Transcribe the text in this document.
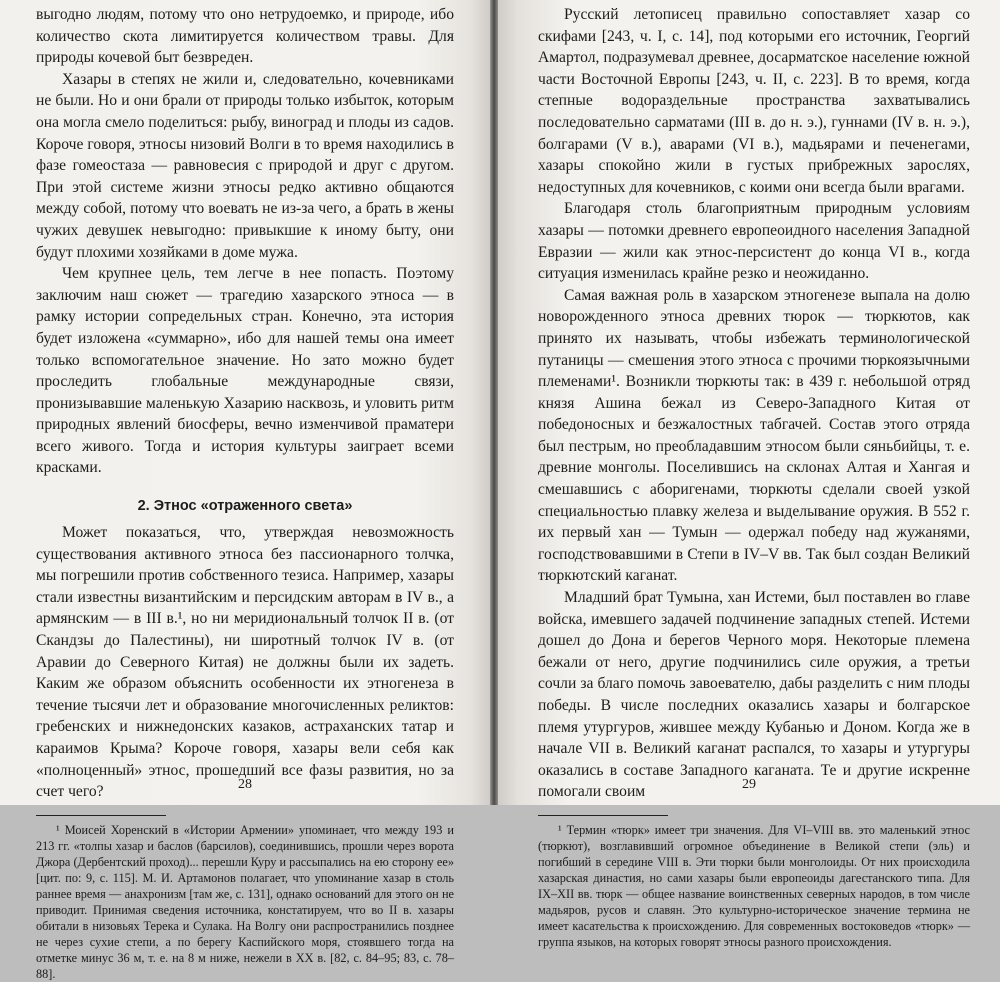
выгодно людям, потому что оно нетрудоемко, и природе, ибо количество скота лимитируется количеством травы. Для природы кочевой быт безвреден.

Хазары в степях не жили и, следовательно, кочевниками не были. Но и они брали от природы только избыток, которым она могла смело поделиться: рыбу, виноград и плоды из садов. Короче говоря, этносы низовий Волги в то время находились в фазе гомеостаза — равновесия с природой и друг с другом. При этой системе жизни этносы редко активно общаются между собой, потому что воевать не из-за чего, а брать в жены чужих девушек невыгодно: привыкшие к иному быту, они будут плохими хозяйками в доме мужа.

Чем крупнее цель, тем легче в нее попасть. Поэтому заключим наш сюжет — трагедию хазарского этноса — в рамку истории сопредельных стран. Конечно, эта история будет изложена «суммарно», ибо для нашей темы она имеет только вспомогательное значение. Но зато можно будет проследить глобальные международные связи, пронизывавшие маленькую Хазарию насквозь, и уловить ритм природных явлений биосферы, вечно изменчивой праматери всего живого. Тогда и история культуры заиграет всеми красками.

2. Этнос «отраженного света»

Может показаться, что, утверждая невозможность существования активного этноса без пассионарного толчка, мы погрешили против собственного тезиса. Например, хазары стали известны византийским и персидским авторам в IV в., а армянским — в III в.¹, но ни меридиональный толчок II в. (от Скандзы до Палестины), ни широтный толчок IV в. (от Аравии до Северного Китая) не должны были их задеть. Каким же образом объяснить особенности их этногенеза в течение тысячи лет и образование многочисленных реликтов: гребенских и нижнедонских казаков, астраханских татар и караимов Крыма? Короче говоря, хазары вели себя как «полноценный» этнос, прошедший все фазы развития, но за счет чего?

¹ Моисей Хоренский в «Истории Армении» упоминает, что между 193 и 213 гг. «толпы хазар и баслов (барсилов), соединившись, прошли через ворота Джора (Дербентский проход)... перешли Куру и рассыпались на ею сторону ее» [цит. по: 9, с. 115]. М. И. Артамонов полагает, что упоминание хазар в столь раннее время — анахронизм [там же, с. 131], однако оснований для этого он не приводит. Принимая сведения источника, констатируем, что во II в. хазары обитали в низовьях Терека и Сулака. На Волгу они распространились позднее не через сухие степи, а по берегу Каспийского моря, стоявшего тогда на отметке минус 36 м, т. е. на 8 м ниже, нежели в XX в. [82, с. 84–95; 83, с. 78–88].

28

Русский летописец правильно сопоставляет хазар со скифами [243, ч. I, с. 14], под которыми его источник, Георгий Амартол, подразумевал древнее, досарматское население южной части Восточной Европы [243, ч. II, с. 223]. В то время, когда степные водораздельные пространства захватывались последовательно сарматами (III в. до н. э.), гуннами (IV в. н. э.), болгарами (V в.), аварами (VI в.), мадьярами и печенегами, хазары спокойно жили в густых прибрежных зарослях, недоступных для кочевников, с коими они всегда были врагами.

Благодаря столь благоприятным природным условиям хазары — потомки древнего европеоидного населения Западной Евразии — жили как этнос-персистент до конца VI в., когда ситуация изменилась крайне резко и неожиданно.

Самая важная роль в хазарском этногенезе выпала на долю новорожденного этноса древних тюрок — тюркютов, как принято их называть, чтобы избежать терминологической путаницы — смешения этого этноса с прочими тюркоязычными племенами¹. Возникли тюркюты так: в 439 г. небольшой отряд князя Ашина бежал из Северо-Западного Китая от победоносных и безжалостных табгачей. Состав этого отряда был пестрым, но преобладавшим этносом были сяньбийцы, т. е. древние монголы. Поселившись на склонах Алтая и Хангая и смешавшись с аборигенами, тюркюты сделали своей узкой специальностью плавку железа и выделывание оружия. В 552 г. их первый хан — Тумын — одержал победу над жужанями, господствовавшими в Степи в IV–V вв. Так был создан Великий тюркютский каганат.

Младший брат Тумына, хан Истеми, был поставлен во главе войска, имевшего задачей подчинение западных степей. Истеми дошел до Дона и берегов Черного моря. Некоторые племена бежали от него, другие подчинились силе оружия, а третьи сочли за благо помочь завоевателю, дабы разделить с ним плоды победы. В числе последних оказались хазары и болгарское племя утургуров, жившее между Кубанью и Доном. Когда же в начале VII в. Великий каганат распался, то хазары и утургуры оказались в составе Западного каганата. Те и другие искренне помогали своим

¹ Термин «тюрк» имеет три значения. Для VI–VIII вв. это маленький этнос (тюркют), возглавивший огромное объединение в Великой степи (эль) и погибший в середине VIII в. Эти тюрки были монголоиды. От них происходила хазарская династия, но сами хазары были европеоиды дагестанского типа. Для IX–XII вв. тюрк — общее название воинственных северных народов, в том числе мадьяров, русов и славян. Это культурно-историческое значение термина не имеет касательства к происхождению. Для современных востоковедов «тюрк» — группа языков, на которых говорят этносы разного происхождения.

29
